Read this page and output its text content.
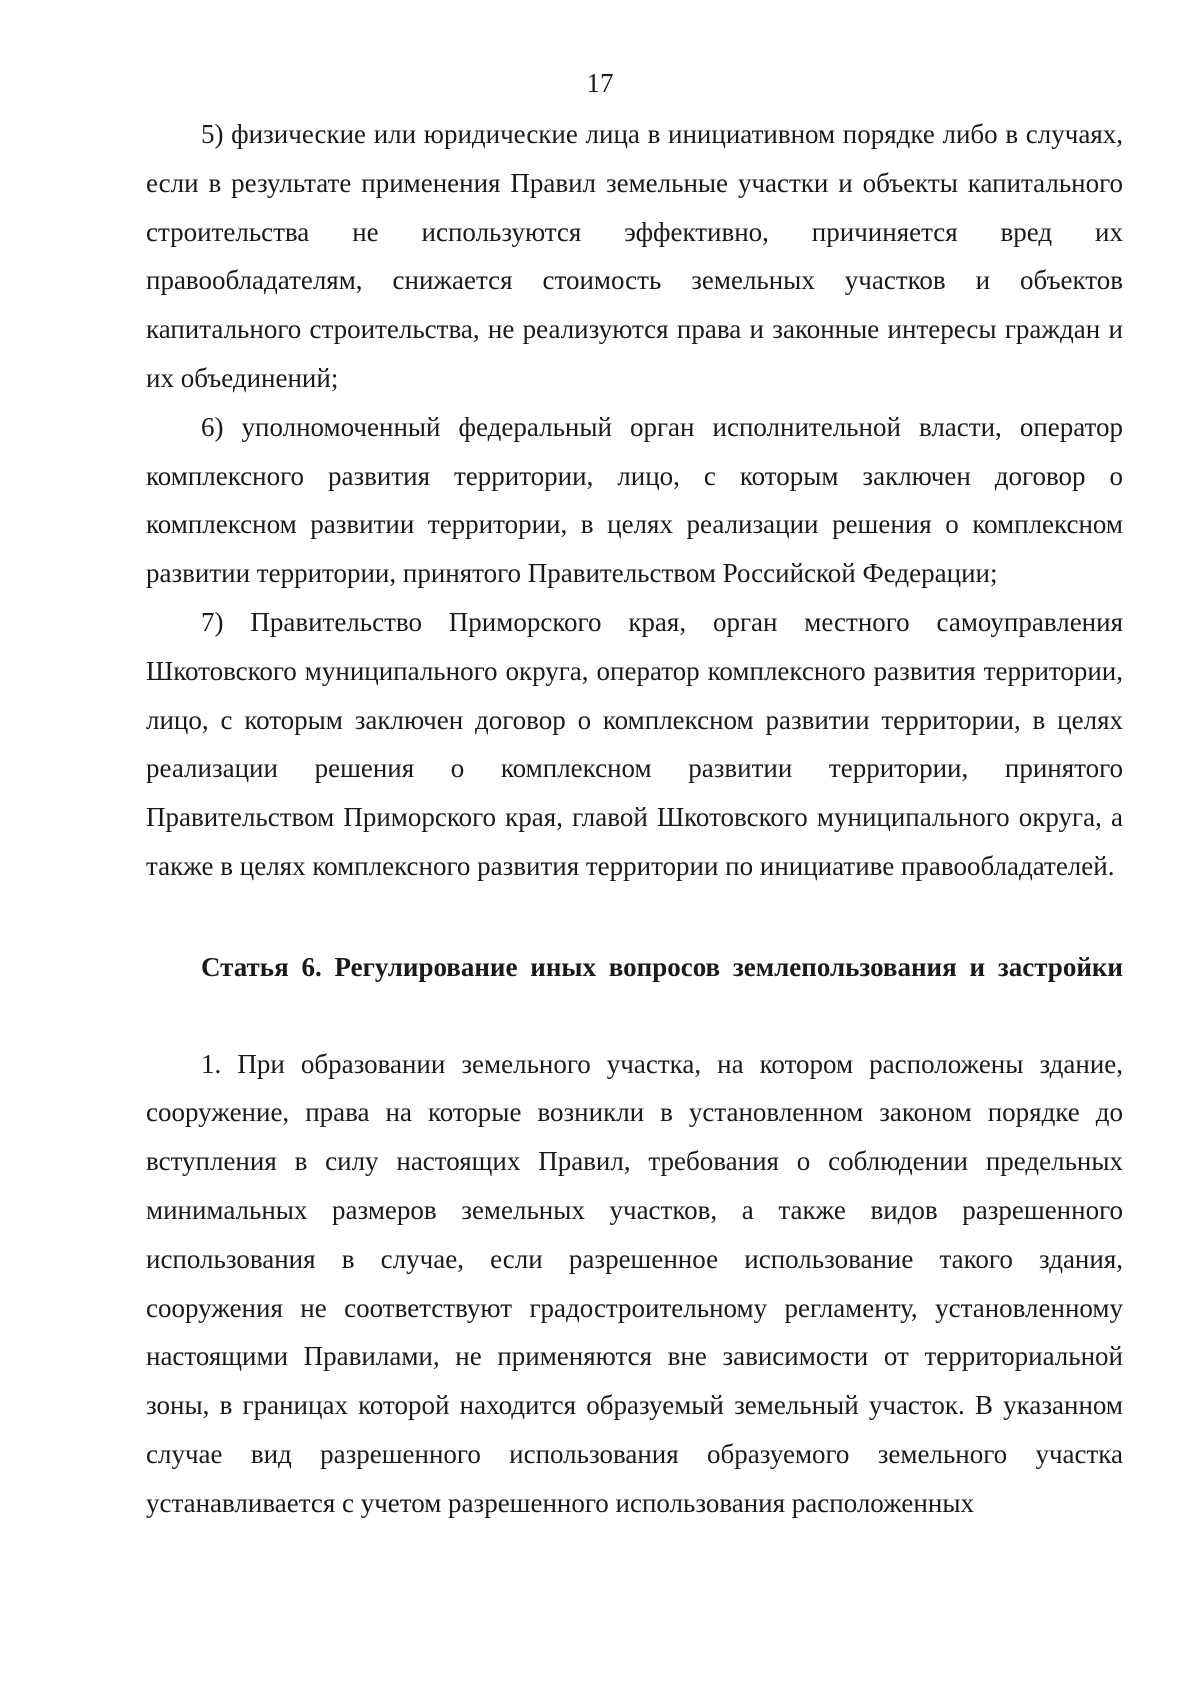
17

5) физические или юридические лица в инициативном порядке либо в случаях, если в результате применения Правил земельные участки и объекты капитального строительства не используются эффективно, причиняется вред их правообладателям, снижается стоимость земельных участков и объектов капитального строительства, не реализуются права и законные интересы граждан и их объединений;

6) уполномоченный федеральный орган исполнительной власти, оператор комплексного развития территории, лицо, с которым заключен договор о комплексном развитии территории, в целях реализации решения о комплексном развитии территории, принятого Правительством Российской Федерации;

7) Правительство Приморского края, орган местного самоуправления Шкотовского муниципального округа, оператор комплексного развития территории, лицо, с которым заключен договор о комплексном развитии территории, в целях реализации решения о комплексном развитии территории, принятого Правительством Приморского края, главой Шкотовского муниципального округа, а также в целях комплексного развития территории по инициативе правообладателей.

Статья 6. Регулирование иных вопросов землепользования и застройки

1. При образовании земельного участка, на котором расположены здание, сооружение, права на которые возникли в установленном законом порядке до вступления в силу настоящих Правил, требования о соблюдении предельных минимальных размеров земельных участков, а также видов разрешенного использования в случае, если разрешенное использование такого здания, сооружения не соответствуют градостроительному регламенту, установленному настоящими Правилами, не применяются вне зависимости от территориальной зоны, в границах которой находится образуемый земельный участок. В указанном случае вид разрешенного использования образуемого земельного участка устанавливается с учетом разрешенного использования расположенных
